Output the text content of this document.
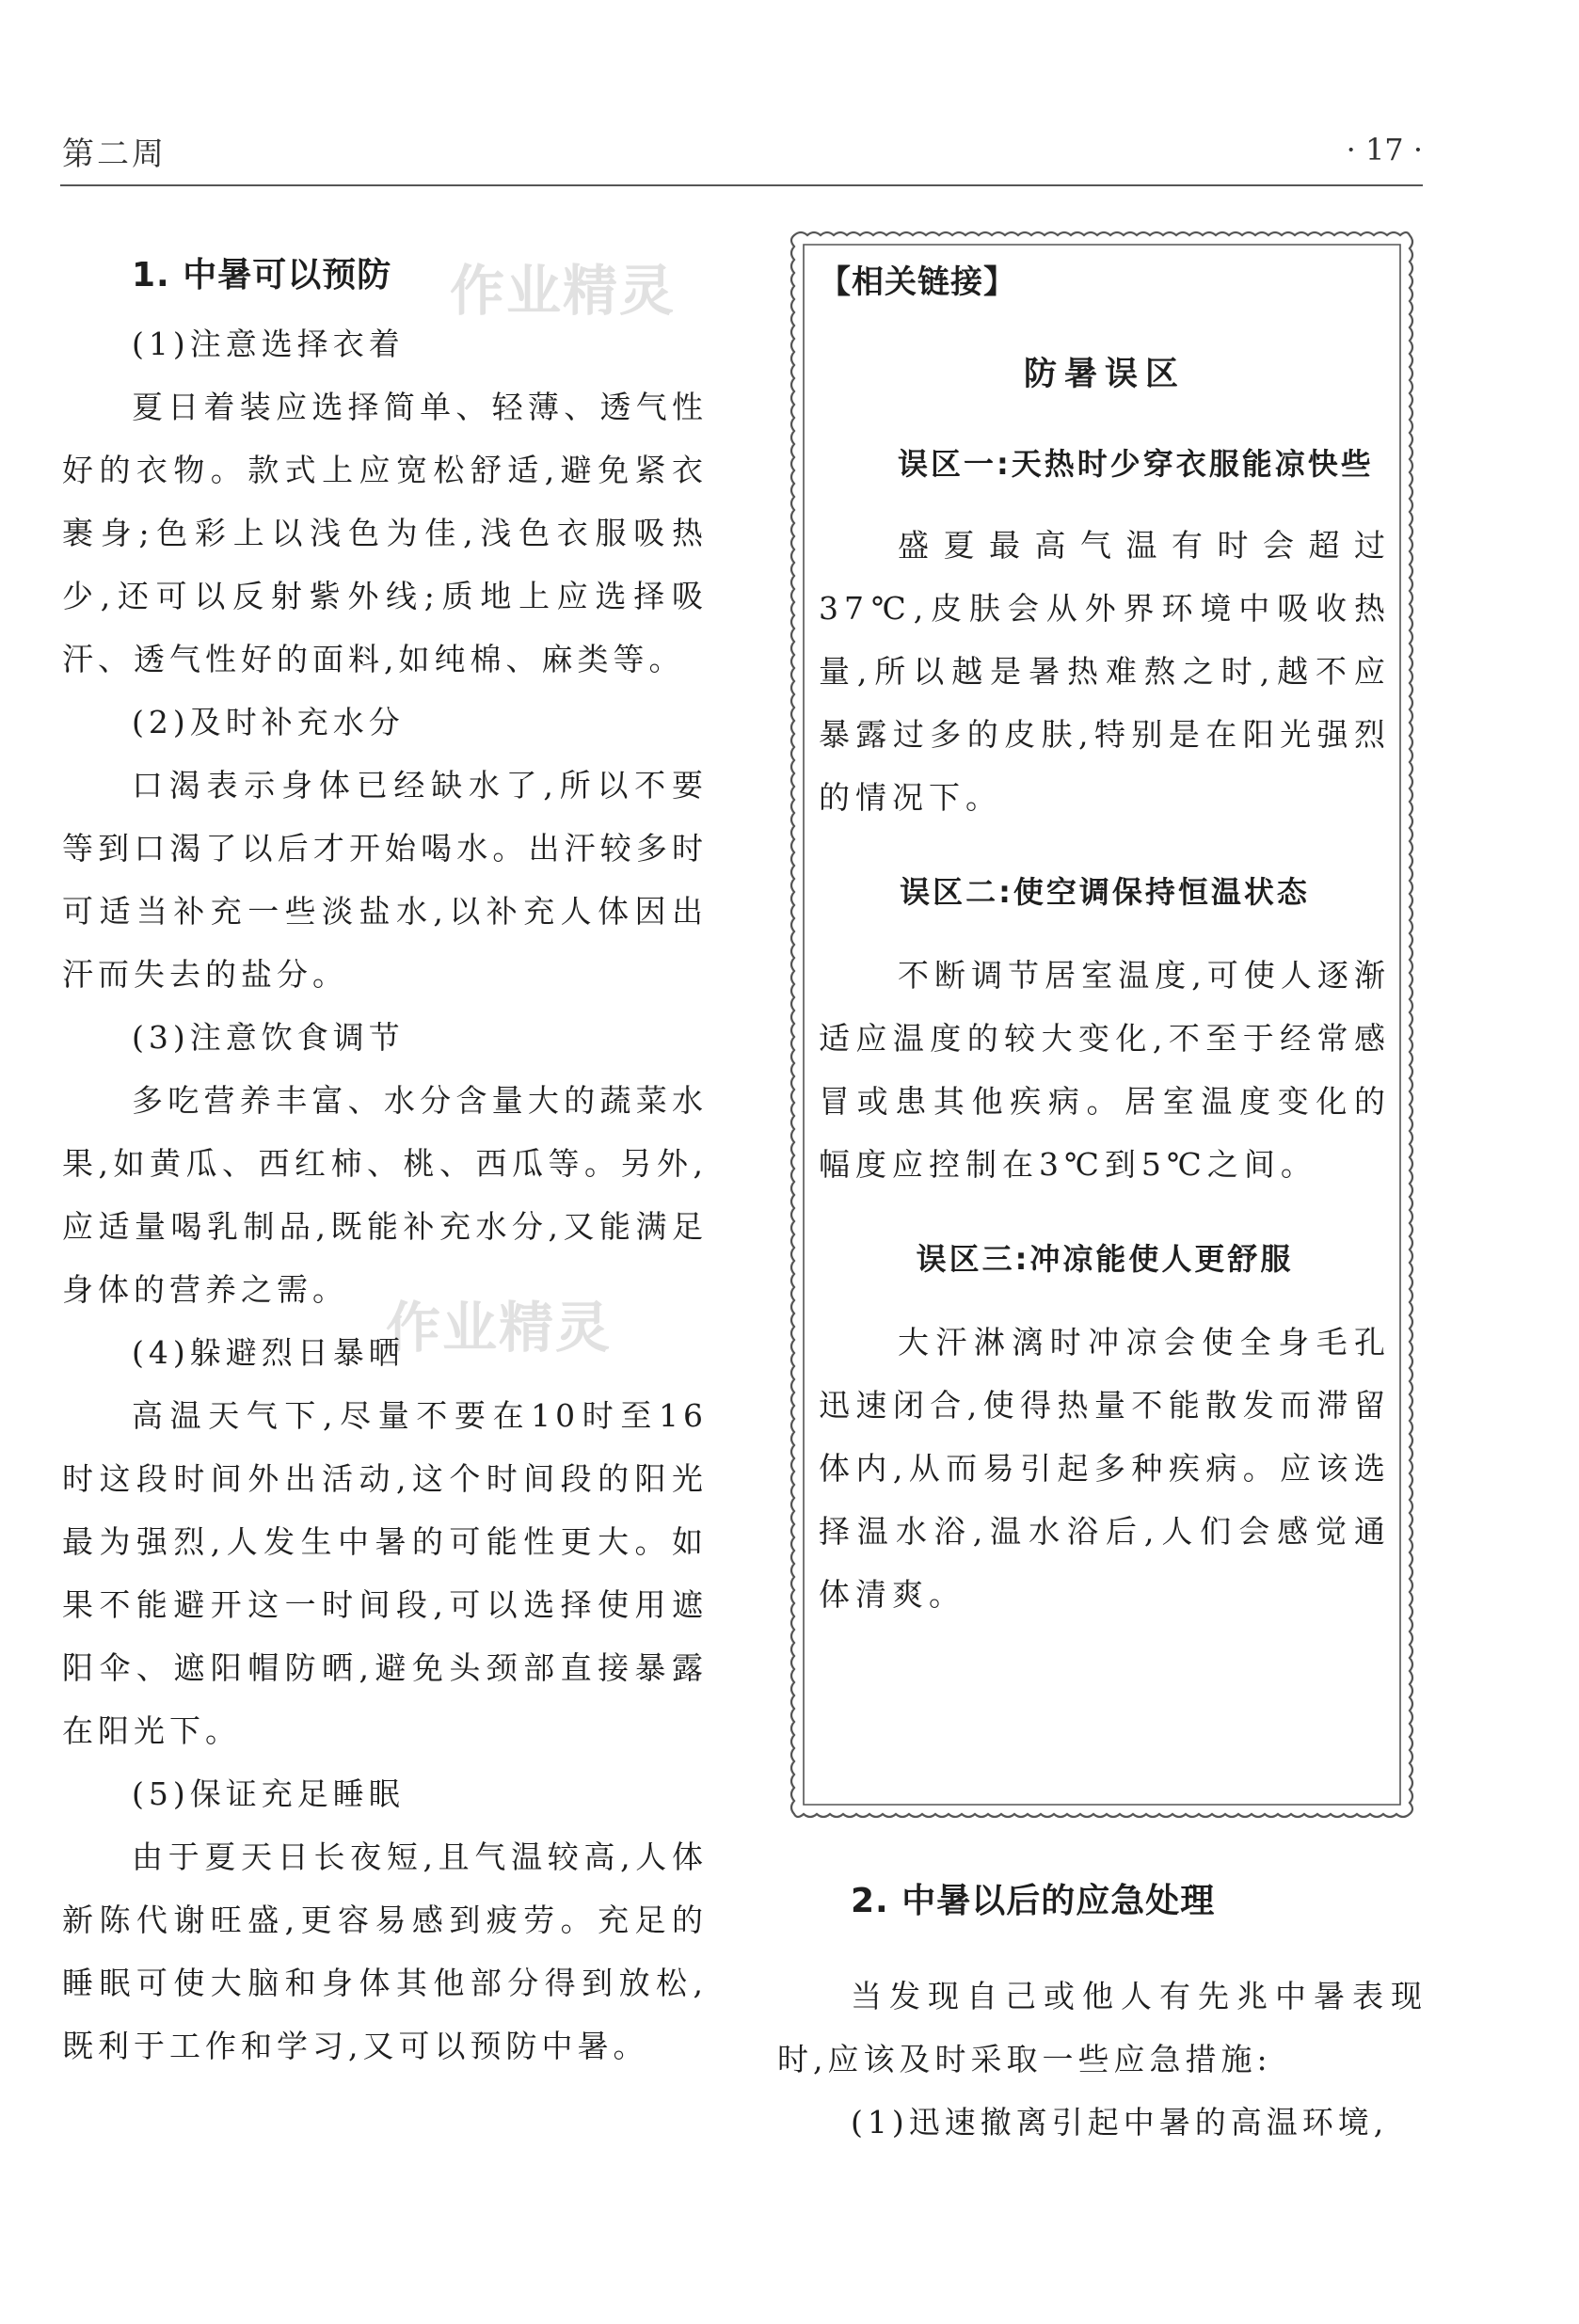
第二周	· 17 ·
作业精灵
作业精灵
1. 中暑可以预防
(1)注意选择衣着
夏日着装应选择简单、轻薄、透气性好的衣物。款式上应宽松舒适,避免紧衣裹身;色彩上以浅色为佳,浅色衣服吸热少,还可以反射紫外线;质地上应选择吸汗、透气性好的面料,如纯棉、麻类等。
(2)及时补充水分
口渴表示身体已经缺水了,所以不要等到口渴了以后才开始喝水。出汗较多时可适当补充一些淡盐水,以补充人体因出汗而失去的盐分。
(3)注意饮食调节
多吃营养丰富、水分含量大的蔬菜水果,如黄瓜、西红柿、桃、西瓜等。另外,应适量喝乳制品,既能补充水分,又能满足身体的营养之需。
(4)躲避烈日暴晒
高温天气下,尽量不要在10时至16时这段时间外出活动,这个时间段的阳光最为强烈,人发生中暑的可能性更大。如果不能避开这一时间段,可以选择使用遮阳伞、遮阳帽防晒,避免头颈部直接暴露在阳光下。
(5)保证充足睡眠
由于夏天日长夜短,且气温较高,人体新陈代谢旺盛,更容易感到疲劳。充足的睡眠可使大脑和身体其他部分得到放松,既利于工作和学习,又可以预防中暑。
【相关链接】
防暑误区
误区一:天热时少穿衣服能凉快些
盛夏最高气温有时会超过37℃,皮肤会从外界环境中吸收热量,所以越是暑热难熬之时,越不应暴露过多的皮肤,特别是在阳光强烈的情况下。
误区二:使空调保持恒温状态
不断调节居室温度,可使人逐渐适应温度的较大变化,不至于经常感冒或患其他疾病。居室温度变化的幅度应控制在3℃到5℃之间。
误区三:冲凉能使人更舒服
大汗淋漓时冲凉会使全身毛孔迅速闭合,使得热量不能散发而滞留体内,从而易引起多种疾病。应该选择温水浴,温水浴后,人们会感觉通体清爽。
2. 中暑以后的应急处理
当发现自己或他人有先兆中暑表现时,应该及时采取一些应急措施:
(1)迅速撤离引起中暑的高温环境,
